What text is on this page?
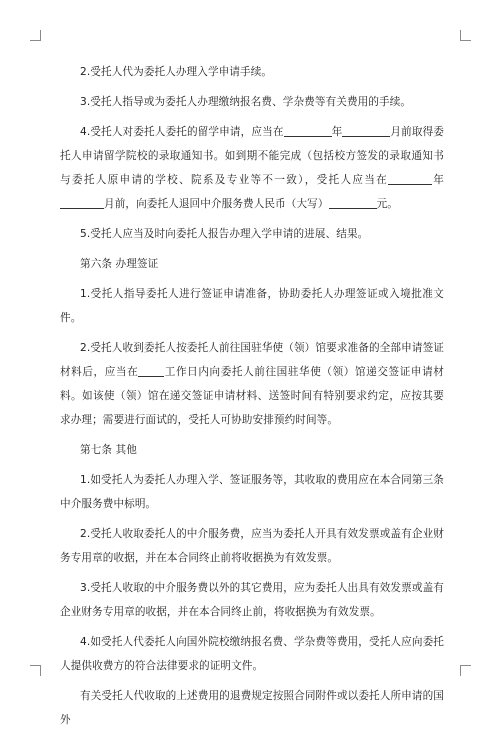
2.受托人代为委托人办理入学申请手续。

3.受托人指导或为委托人办理缴纳报名费、学杂费等有关费用的手续。

4.受托人对委托人委托的留学申请，应当在	年	月前取得委托人申请留学院校的录取通知书。如到期不能完成（包括校方签发的录取通知书与委托人原申请的学校、院系及专业等不一致），受托人应当在	年月前，向委托人退回中介服务费人民币（大写）	元。

5.受托人应当及时向委托人报告办理入学申请的进展、结果。

第六条 办理签证

1.受托人指导委托人进行签证申请准备，协助委托人办理签证或入境批准文件。

2.受托人收到委托人按委托人前往国驻华使（领）馆要求准备的全部申请签证材料后，应当在 工作日内向委托人前往国驻华使（领）馆递交签证申请材料。如该使（领）馆在递交签证申请材料、送签时间有特别要求约定，应按其要求办理；需要进行面试的，受托人可协助安排预约时间等。

第七条 其他

1.如受托人为委托人办理入学、签证服务等，其收取的费用应在本合同第三条中介服务费中标明。

2.受托人收取委托人的中介服务费，应当为委托人开具有效发票或盖有企业财务专用章的收据，并在本合同终止前将收据换为有效发票。

3.受托人收取的中介服务费以外的其它费用，应为委托人出具有效发票或盖有企业财务专用章的收据，并在本合同终止前，将收据换为有效发票。

4.如受托人代委托人向国外院校缴纳报名费、学杂费等费用，受托人应向委托人提供收费方的符合法律要求的证明文件。

有关受托人代收取的上述费用的退费规定按照合同附件或以委托人所申请的国外
